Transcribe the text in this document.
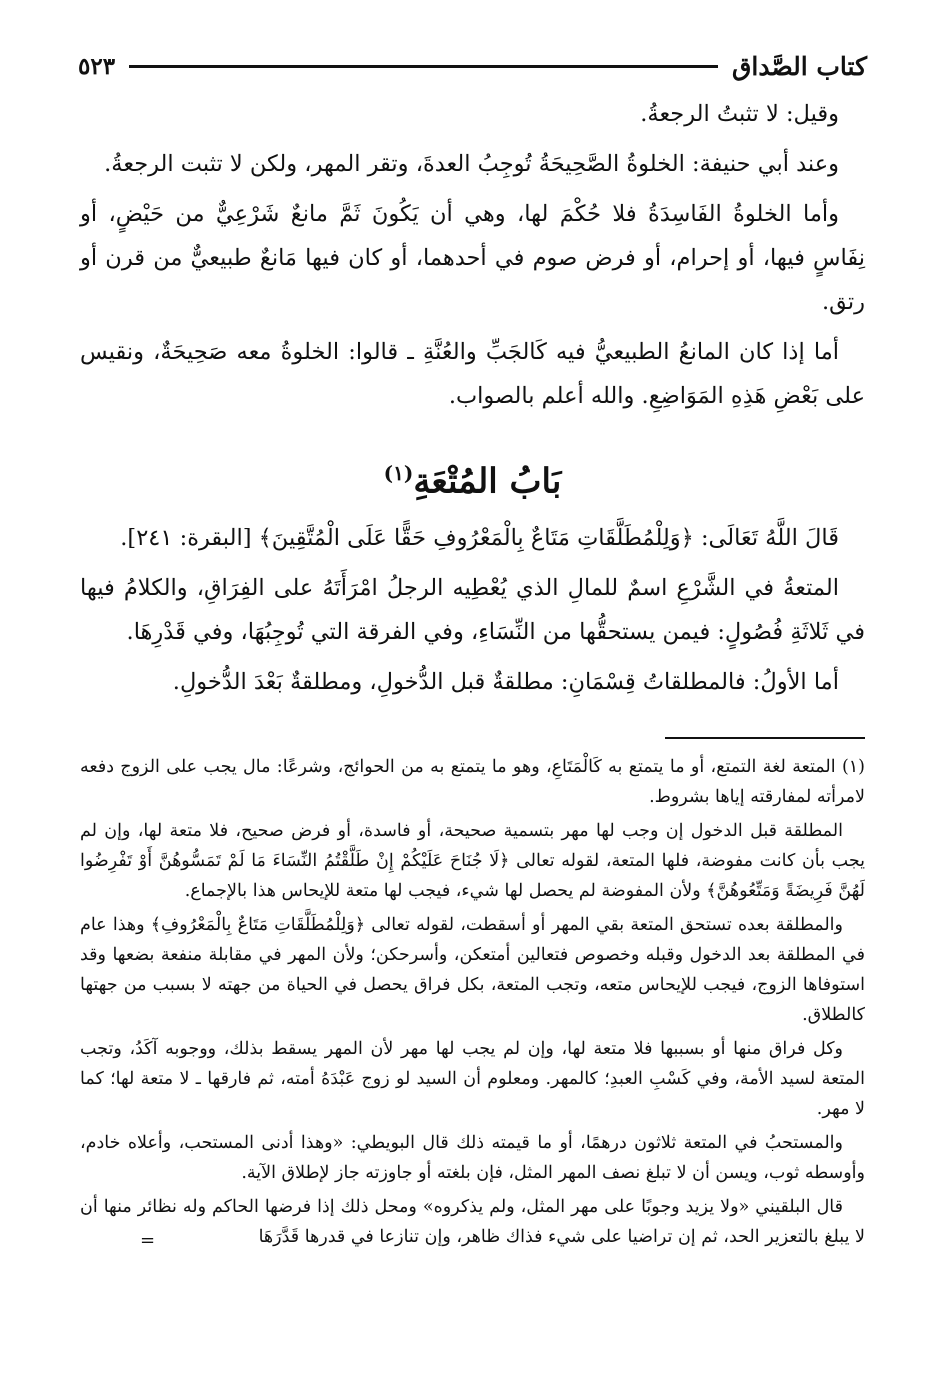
كتاب الصَّداق
٥٢٣

وقيل: لا تثبتُ الرجعةُ.

وعند أبي حنيفة: الخلوةُ الصَّحِيحَةُ تُوجِبُ العدةَ، وتقر المهر، ولكن لا تثبت الرجعةُ.

وأما الخلوةُ الفَاسِدَةُ فلا حُكْمَ لها، وهي أن يَكُونَ ثَمَّ مانعٌ شَرْعِيٌّ من حَيْضٍ، أو نِفَاسٍ فيها، أو إحرام، أو فرض صوم في أحدهما، أو كان فيها مَانعٌ طبيعيٌّ من قرن أو رتق.

أما إذا كان المانعُ الطبيعيُّ فيه كَالجَبِّ والعُنَّةِ ـ قالوا: الخلوةُ معه صَحِيحَةٌ، ونقيس على بَعْضِ هَذِهِ المَوَاضِعِ. والله أعلم بالصواب.

بَابُ المُتْعَةِ$^{(١)}$

قَالَ اللَّهُ تَعَالَى: ﴿وَلِلْمُطَلَّقَاتِ مَتَاعٌ بِالْمَعْرُوفِ حَقًّا عَلَى الْمُتَّقِينَ﴾ [البقرة: ٢٤١].

المتعةُ في الشَّرْعِ اسمٌ للمالِ الذي يُعْطِيه الرجلُ امْرَأَتَهُ على الفِرَاقِ، والكلامُ فيها في ثَلاثَةِ فُصُولٍ: فيمن يستحقُّها من النِّسَاءِ، وفي الفرقة التي تُوجِبُهَا، وفي قَدْرِهَا.

أما الأولُ: فالمطلقاتُ قِسْمَانِ: مطلقةٌ قبل الدُّخولِ، ومطلقةٌ بَعْدَ الدُّخولِ.

(١) المتعة لغة التمتع، أو ما يتمتع به كَالْمَتَاعِ، وهو ما يتمتع به من الحوائج، وشرعًا: مال يجب على الزوج دفعه لامرأته لمفارقته إياها بشروط.

المطلقة قبل الدخول إن وجب لها مهر بتسمية صحيحة، أو فاسدة، أو فرض صحيح، فلا متعة لها، وإن لم يجب بأن كانت مفوضة، فلها المتعة، لقوله تعالى ﴿لَا جُنَاحَ عَلَيْكُمْ إِنْ طَلَّقْتُمُ النِّسَاءَ مَا لَمْ تَمَسُّوهُنَّ أَوْ تَفْرِضُوا لَهُنَّ فَرِيضَةً وَمَتِّعُوهُنَّ﴾ ولأن المفوضة لم يحصل لها شيء، فيجب لها متعة للإيحاس هذا بالإجماع.

والمطلقة بعده تستحق المتعة بقي المهر أو أسقطت، لقوله تعالى ﴿وَلِلْمُطَلَّقَاتِ مَتَاعٌ بِالْمَعْرُوفِ﴾ وهذا عام في المطلقة بعد الدخول وقبله وخصوص فتعالين أمتعكن، وأسرحكن؛ ولأن المهر في مقابلة منفعة بضعها وقد استوفاها الزوج، فيجب للإيحاس متعه، وتجب المتعة، بكل فراق يحصل في الحياة من جهته لا بسبب من جهتها كالطلاق.

وكل فراق منها أو بسببها فلا متعة لها، وإن لم يجب لها مهر لأن المهر يسقط بذلك، ووجوبه آكَدُ، وتجب المتعة لسيد الأمة، وفي كَسْبِ العبدِ؛ كالمهر. ومعلوم أن السيد لو زوج عَبْدَهُ أمته، ثم فارقها ـ لا متعة لها؛ كما لا مهر.

والمستحبُ في المتعة ثلاثون درهمًا، أو ما قيمته ذلك قال البويطي: «وهذا أدنى المستحب، وأعلاه خادم، وأوسطه ثوب، ويسن أن لا تبلغ نصف المهر المثل، فإن بلغته أو جاوزته جاز لإطلاق الآية.

قال البلقيني «ولا يزيد وجوبًا على مهر المثل، ولم يذكروه» ومحل ذلك إذا فرضها الحاكم وله نظائر منها أن لا يبلغ بالتعزير الحد، ثم إن تراضيا على شيء فذاك ظاهر، وإن تنازعا في قدرها قَدَّرَهَا

=
